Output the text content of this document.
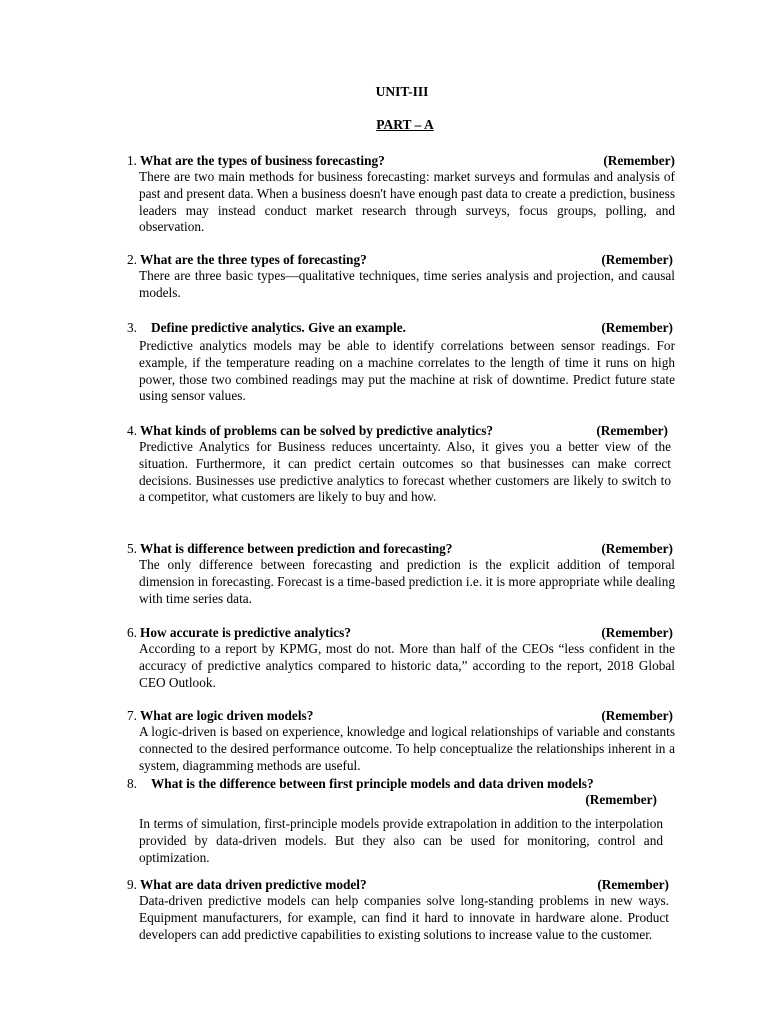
UNIT-III
PART – A
1. What are the types of business forecasting?	(Remember)
There are two main methods for business forecasting: market surveys and formulas and analysis of past and present data. When a business doesn't have enough past data to create a prediction, business leaders may instead conduct market research through surveys, focus groups, polling, and observation.
2. What are the three types of forecasting?	(Remember)
There are three basic types—qualitative techniques, time series analysis and projection, and causal models.
3. Define predictive analytics. Give an example.	(Remember)
Predictive analytics models may be able to identify correlations between sensor readings. For example, if the temperature reading on a machine correlates to the length of time it runs on high power, those two combined readings may put the machine at risk of downtime. Predict future state using sensor values.
4. What kinds of problems can be solved by predictive analytics?	(Remember)
Predictive Analytics for Business reduces uncertainty. Also, it gives you a better view of the situation. Furthermore, it can predict certain outcomes so that businesses can make correct decisions. Businesses use predictive analytics to forecast whether customers are likely to switch to a competitor, what customers are likely to buy and how.
5. What is difference between prediction and forecasting?	(Remember)
The only difference between forecasting and prediction is the explicit addition of temporal dimension in forecasting. Forecast is a time-based prediction i.e. it is more appropriate while dealing with time series data.
6. How accurate is predictive analytics?	(Remember)
According to a report by KPMG, most do not. More than half of the CEOs “less confident in the accuracy of predictive analytics compared to historic data,” according to the report, 2018 Global CEO Outlook.
7. What are logic driven models?	(Remember)
A logic-driven is based on experience, knowledge and logical relationships of variable and constants connected to the desired performance outcome. To help conceptualize the relationships inherent in a system, diagramming methods are useful.
8. What is the difference between first principle models and data driven models?
(Remember)
In terms of simulation, first-principle models provide extrapolation in addition to the interpolation provided by data-driven models. But they also can be used for monitoring, control and optimization.
9. What are data driven predictive model?	(Remember)
Data-driven predictive models can help companies solve long-standing problems in new ways. Equipment manufacturers, for example, can find it hard to innovate in hardware alone. Product developers can add predictive capabilities to existing solutions to increase value to the customer.
